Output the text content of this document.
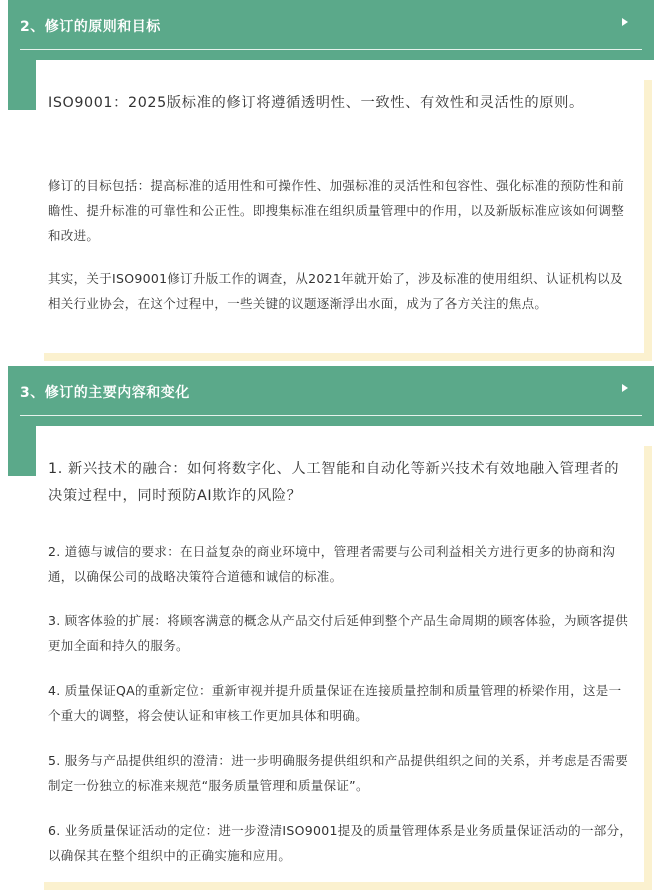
2、修订的原则和目标

ISO9001：2025版标准的修订将遵循透明性、一致性、有效性和灵活性的原则。

修订的目标包括：提高标准的适用性和可操作性、加强标准的灵活性和包容性、强化标准的预防性和前瞻性、提升标准的可靠性和公正性。即搜集标准在组织质量管理中的作用，以及新版标准应该如何调整和改进。

其实，关于ISO9001修订升版工作的调查，从2021年就开始了，涉及标准的使用组织、认证机构以及相关行业协会，在这个过程中，一些关键的议题逐渐浮出水面，成为了各方关注的焦点。

3、修订的主要内容和变化

1. 新兴技术的融合：如何将数字化、人工智能和自动化等新兴技术有效地融入管理者的决策过程中，同时预防AI欺诈的风险？

2. 道德与诚信的要求：在日益复杂的商业环境中，管理者需要与公司利益相关方进行更多的协商和沟通，以确保公司的战略决策符合道德和诚信的标准。

3. 顾客体验的扩展：将顾客满意的概念从产品交付后延伸到整个产品生命周期的顾客体验，为顾客提供更加全面和持久的服务。

4. 质量保证QA的重新定位：重新审视并提升质量保证在连接质量控制和质量管理的桥梁作用，这是一个重大的调整，将会使认证和审核工作更加具体和明确。

5. 服务与产品提供组织的澄清：进一步明确服务提供组织和产品提供组织之间的关系，并考虑是否需要制定一份独立的标准来规范“服务质量管理和质量保证”。

6. 业务质量保证活动的定位：进一步澄清ISO9001提及的质量管理体系是业务质量保证活动的一部分，以确保其在整个组织中的正确实施和应用。
